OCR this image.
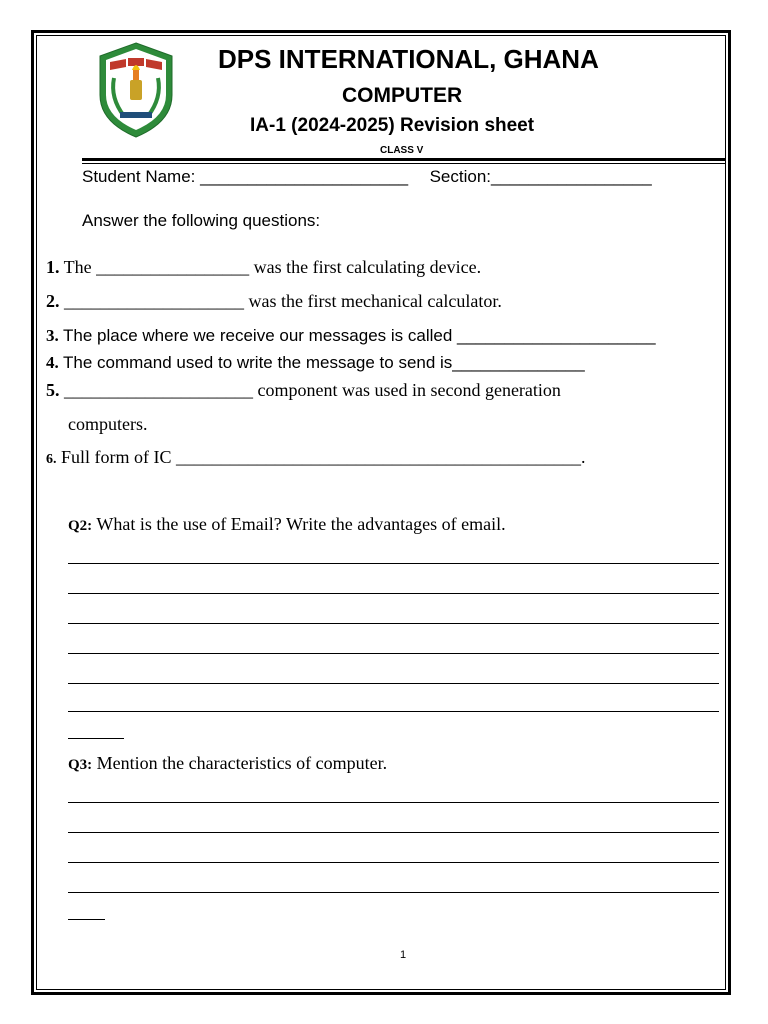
DPS INTERNATIONAL, GHANA
COMPUTER
IA-1 (2024-2025) Revision sheet
CLASS V
Student Name: ______________________ Section:_________________
Answer the following questions:
1. The _________________ was the first calculating device.
2. ____________________ was the first mechanical calculator.
3. The place where we receive our messages is called _____________________
4. The command used to write the message to send is______________
5. _____________________ component was used in second generation
computers.
6. Full form of IC _____________________________________________.
Q2: What is the use of Email? Write the advantages of email.
Q3: Mention the characteristics of computer.
1
